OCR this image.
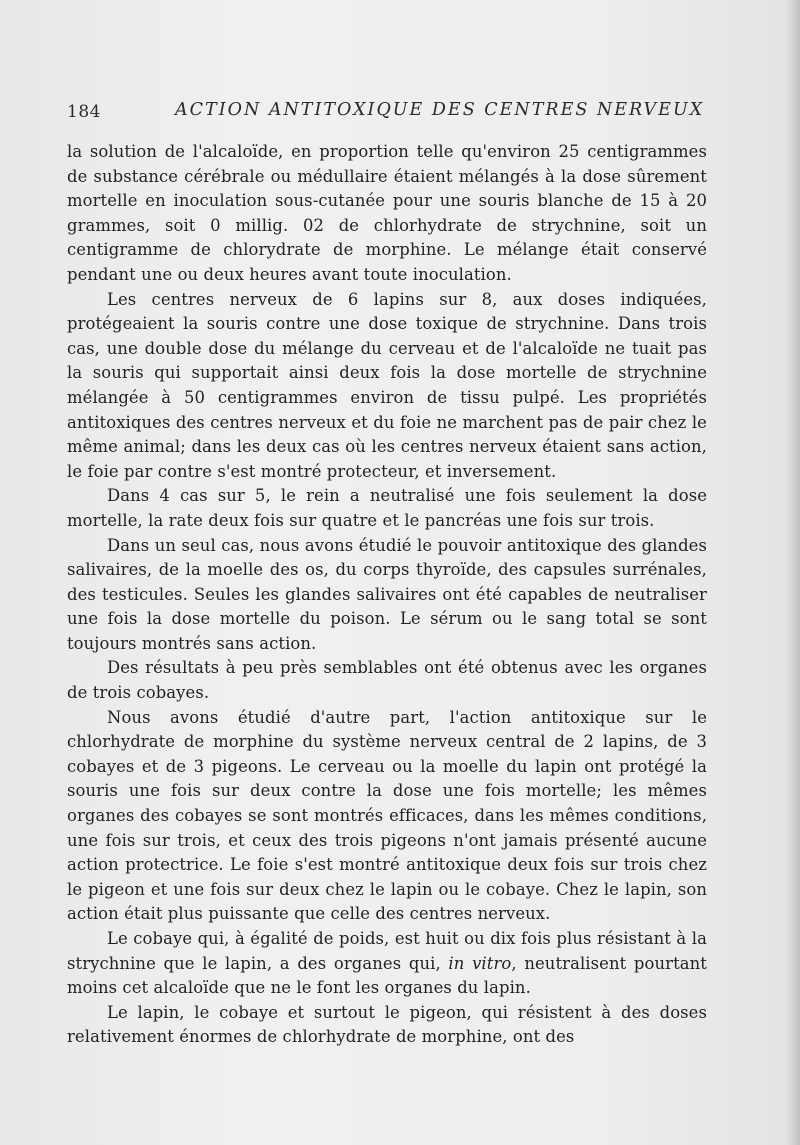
184	ACTION ANTITOXIQUE DES CENTRES NERVEUX

la solution de l'alcaloïde, en proportion telle qu'environ 25 centigrammes de substance cérébrale ou médullaire étaient mélangés à la dose sûrement mortelle en inoculation sous-cutanée pour une souris blanche de 15 à 20 grammes, soit 0 millig. 02 de chlorhydrate de strychnine, soit un centigramme de chlorydrate de morphine. Le mélange était conservé pendant une ou deux heures avant toute inoculation.

Les centres nerveux de 6 lapins sur 8, aux doses indiquées, protégeaient la souris contre une dose toxique de strychnine. Dans trois cas, une double dose du mélange du cerveau et de l'alcaloïde ne tuait pas la souris qui supportait ainsi deux fois la dose mortelle de strychnine mélangée à 50 centigrammes environ de tissu pulpé. Les propriétés antitoxiques des centres nerveux et du foie ne marchent pas de pair chez le même animal; dans les deux cas où les centres nerveux étaient sans action, le foie par contre s'est montré protecteur, et inversement.

Dans 4 cas sur 5, le rein a neutralisé une fois seulement la dose mortelle, la rate deux fois sur quatre et le pancréas une fois sur trois.

Dans un seul cas, nous avons étudié le pouvoir antitoxique des glandes salivaires, de la moelle des os, du corps thyroïde, des capsules surrénales, des testicules. Seules les glandes salivaires ont été capables de neutraliser une fois la dose mortelle du poison. Le sérum ou le sang total se sont toujours montrés sans action.

Des résultats à peu près semblables ont été obtenus avec les organes de trois cobayes.

Nous avons étudié d'autre part, l'action antitoxique sur le chlorhydrate de morphine du système nerveux central de 2 lapins, de 3 cobayes et de 3 pigeons. Le cerveau ou la moelle du lapin ont protégé la souris une fois sur deux contre la dose une fois mortelle; les mêmes organes des cobayes se sont montrés efficaces, dans les mêmes conditions, une fois sur trois, et ceux des trois pigeons n'ont jamais présenté aucune action protectrice. Le foie s'est montré antitoxique deux fois sur trois chez le pigeon et une fois sur deux chez le lapin ou le cobaye. Chez le lapin, son action était plus puissante que celle des centres nerveux.

Le cobaye qui, à égalité de poids, est huit ou dix fois plus résistant à la strychnine que le lapin, a des organes qui, in vitro, neutralisent pourtant moins cet alcaloïde que ne le font les organes du lapin.

Le lapin, le cobaye et surtout le pigeon, qui résistent à des doses relativement énormes de chlorhydrate de morphine, ont des
